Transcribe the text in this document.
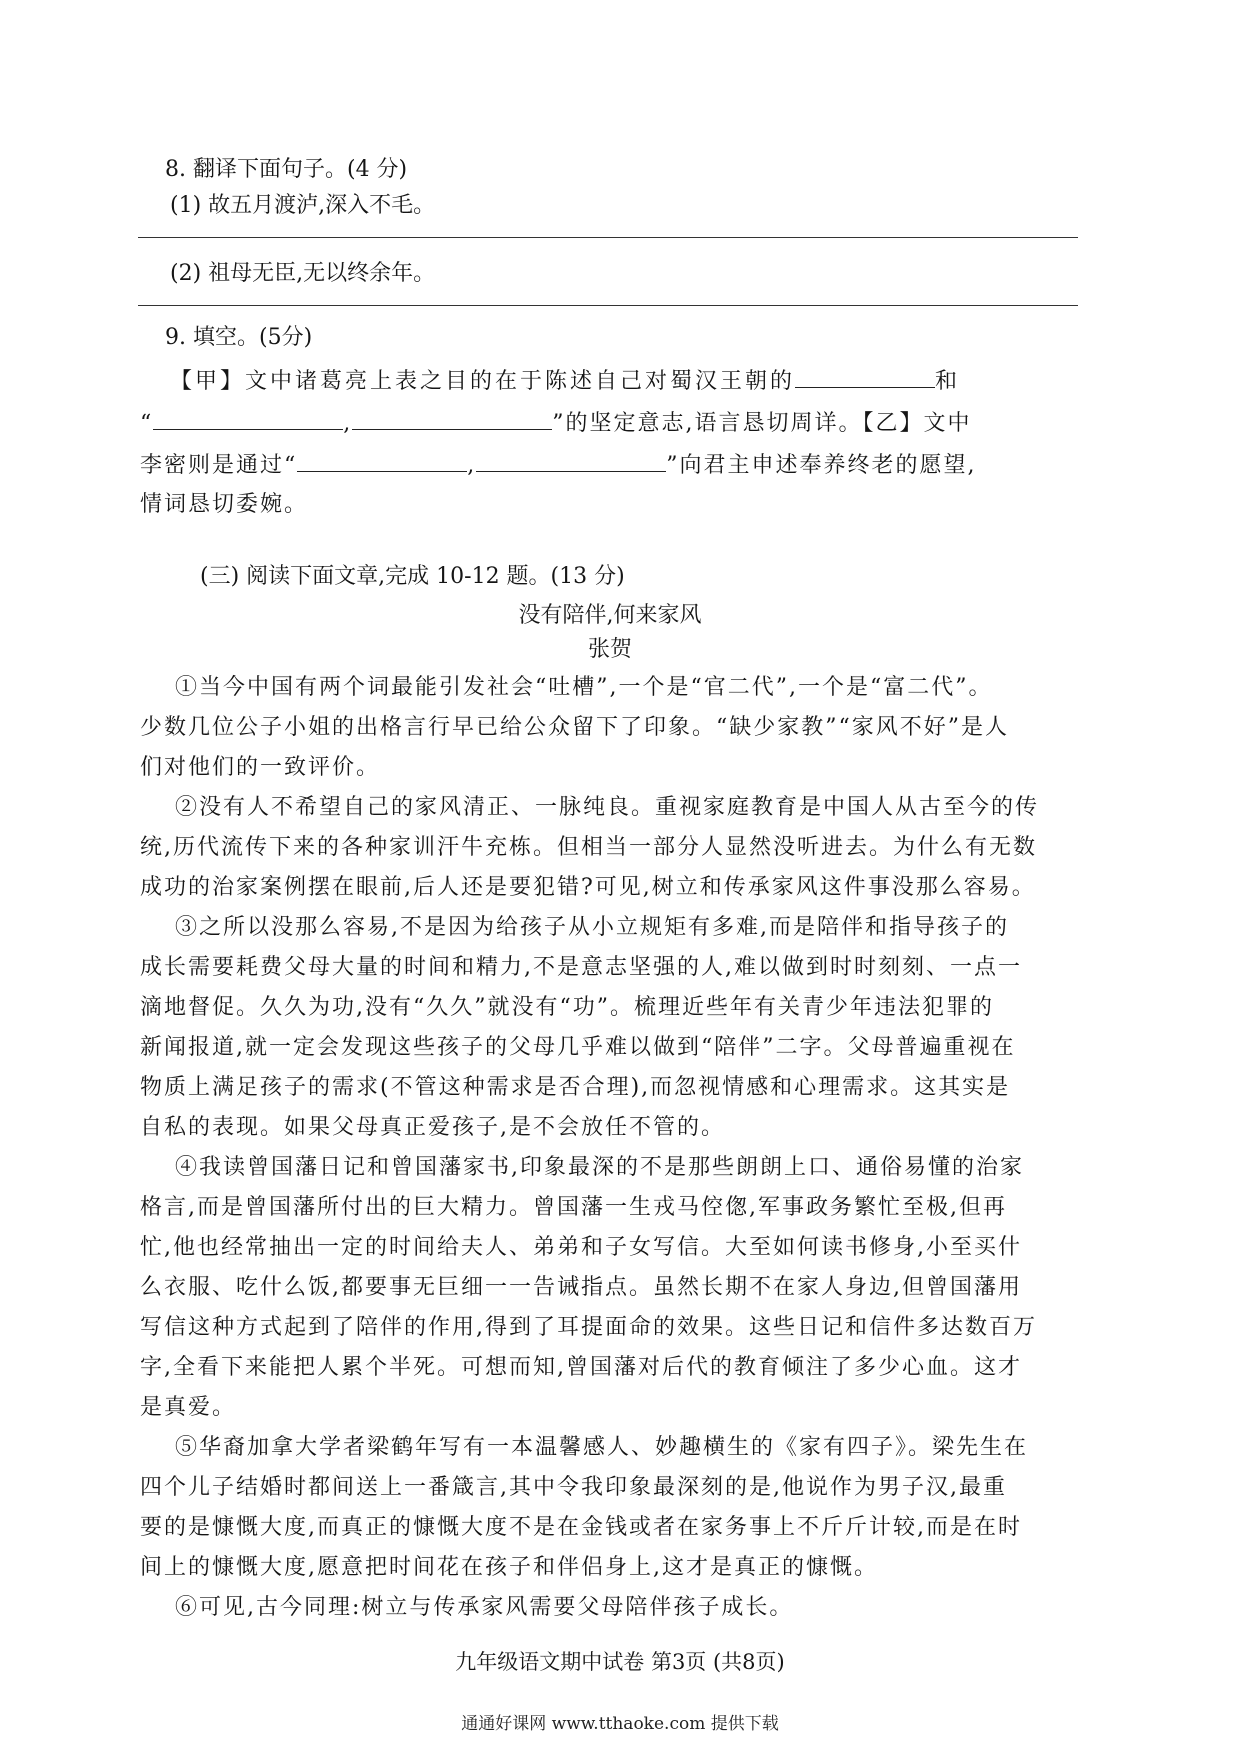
8. 翻译下面句子。(4 分)
(1) 故五月渡泸,深入不毛。
(2) 祖母无臣,无以终余年。
9. 填空。(5分)
【甲】文中诸葛亮上表之目的在于陈述自己对蜀汉王朝的	和
“	,	”的坚定意志,语言恳切周详。【乙】文中
李密则是通过“	,	”向君主申述奉养终老的愿望,
情词恳切委婉。
(三) 阅读下面文章,完成 10-12 题。(13 分)
没有陪伴,何来家风
张贺
①当今中国有两个词最能引发社会“吐槽”,一个是“官二代”,一个是“富二代”。
少数几位公子小姐的出格言行早已给公众留下了印象。“缺少家教”“家风不好”是人
们对他们的一致评价。
②没有人不希望自己的家风清正、一脉纯良。重视家庭教育是中国人从古至今的传
统,历代流传下来的各种家训汗牛充栋。但相当一部分人显然没听进去。为什么有无数
成功的治家案例摆在眼前,后人还是要犯错?可见,树立和传承家风这件事没那么容易。
③之所以没那么容易,不是因为给孩子从小立规矩有多难,而是陪伴和指导孩子的
成长需要耗费父母大量的时间和精力,不是意志坚强的人,难以做到时时刻刻、一点一
滴地督促。久久为功,没有“久久”就没有“功”。梳理近些年有关青少年违法犯罪的
新闻报道,就一定会发现这些孩子的父母几乎难以做到“陪伴”二字。父母普遍重视在
物质上满足孩子的需求(不管这种需求是否合理),而忽视情感和心理需求。这其实是
自私的表现。如果父母真正爱孩子,是不会放任不管的。
④我读曾国藩日记和曾国藩家书,印象最深的不是那些朗朗上口、通俗易懂的治家
格言,而是曾国藩所付出的巨大精力。曾国藩一生戎马倥偬,军事政务繁忙至极,但再
忙,他也经常抽出一定的时间给夫人、弟弟和子女写信。大至如何读书修身,小至买什
么衣服、吃什么饭,都要事无巨细一一告诫指点。虽然长期不在家人身边,但曾国藩用
写信这种方式起到了陪伴的作用,得到了耳提面命的效果。这些日记和信件多达数百万
字,全看下来能把人累个半死。可想而知,曾国藩对后代的教育倾注了多少心血。这才
是真爱。
⑤华裔加拿大学者梁鹤年写有一本温馨感人、妙趣横生的《家有四子》。梁先生在
四个儿子结婚时都间送上一番箴言,其中令我印象最深刻的是,他说作为男子汉,最重
要的是慷慨大度,而真正的慷慨大度不是在金钱或者在家务事上不斤斤计较,而是在时
间上的慷慨大度,愿意把时间花在孩子和伴侣身上,这才是真正的慷慨。
⑥可见,古今同理:树立与传承家风需要父母陪伴孩子成长。
九年级语文期中试卷 第3页 (共8页)
通通好课网 www.tthaoke.com 提供下载
